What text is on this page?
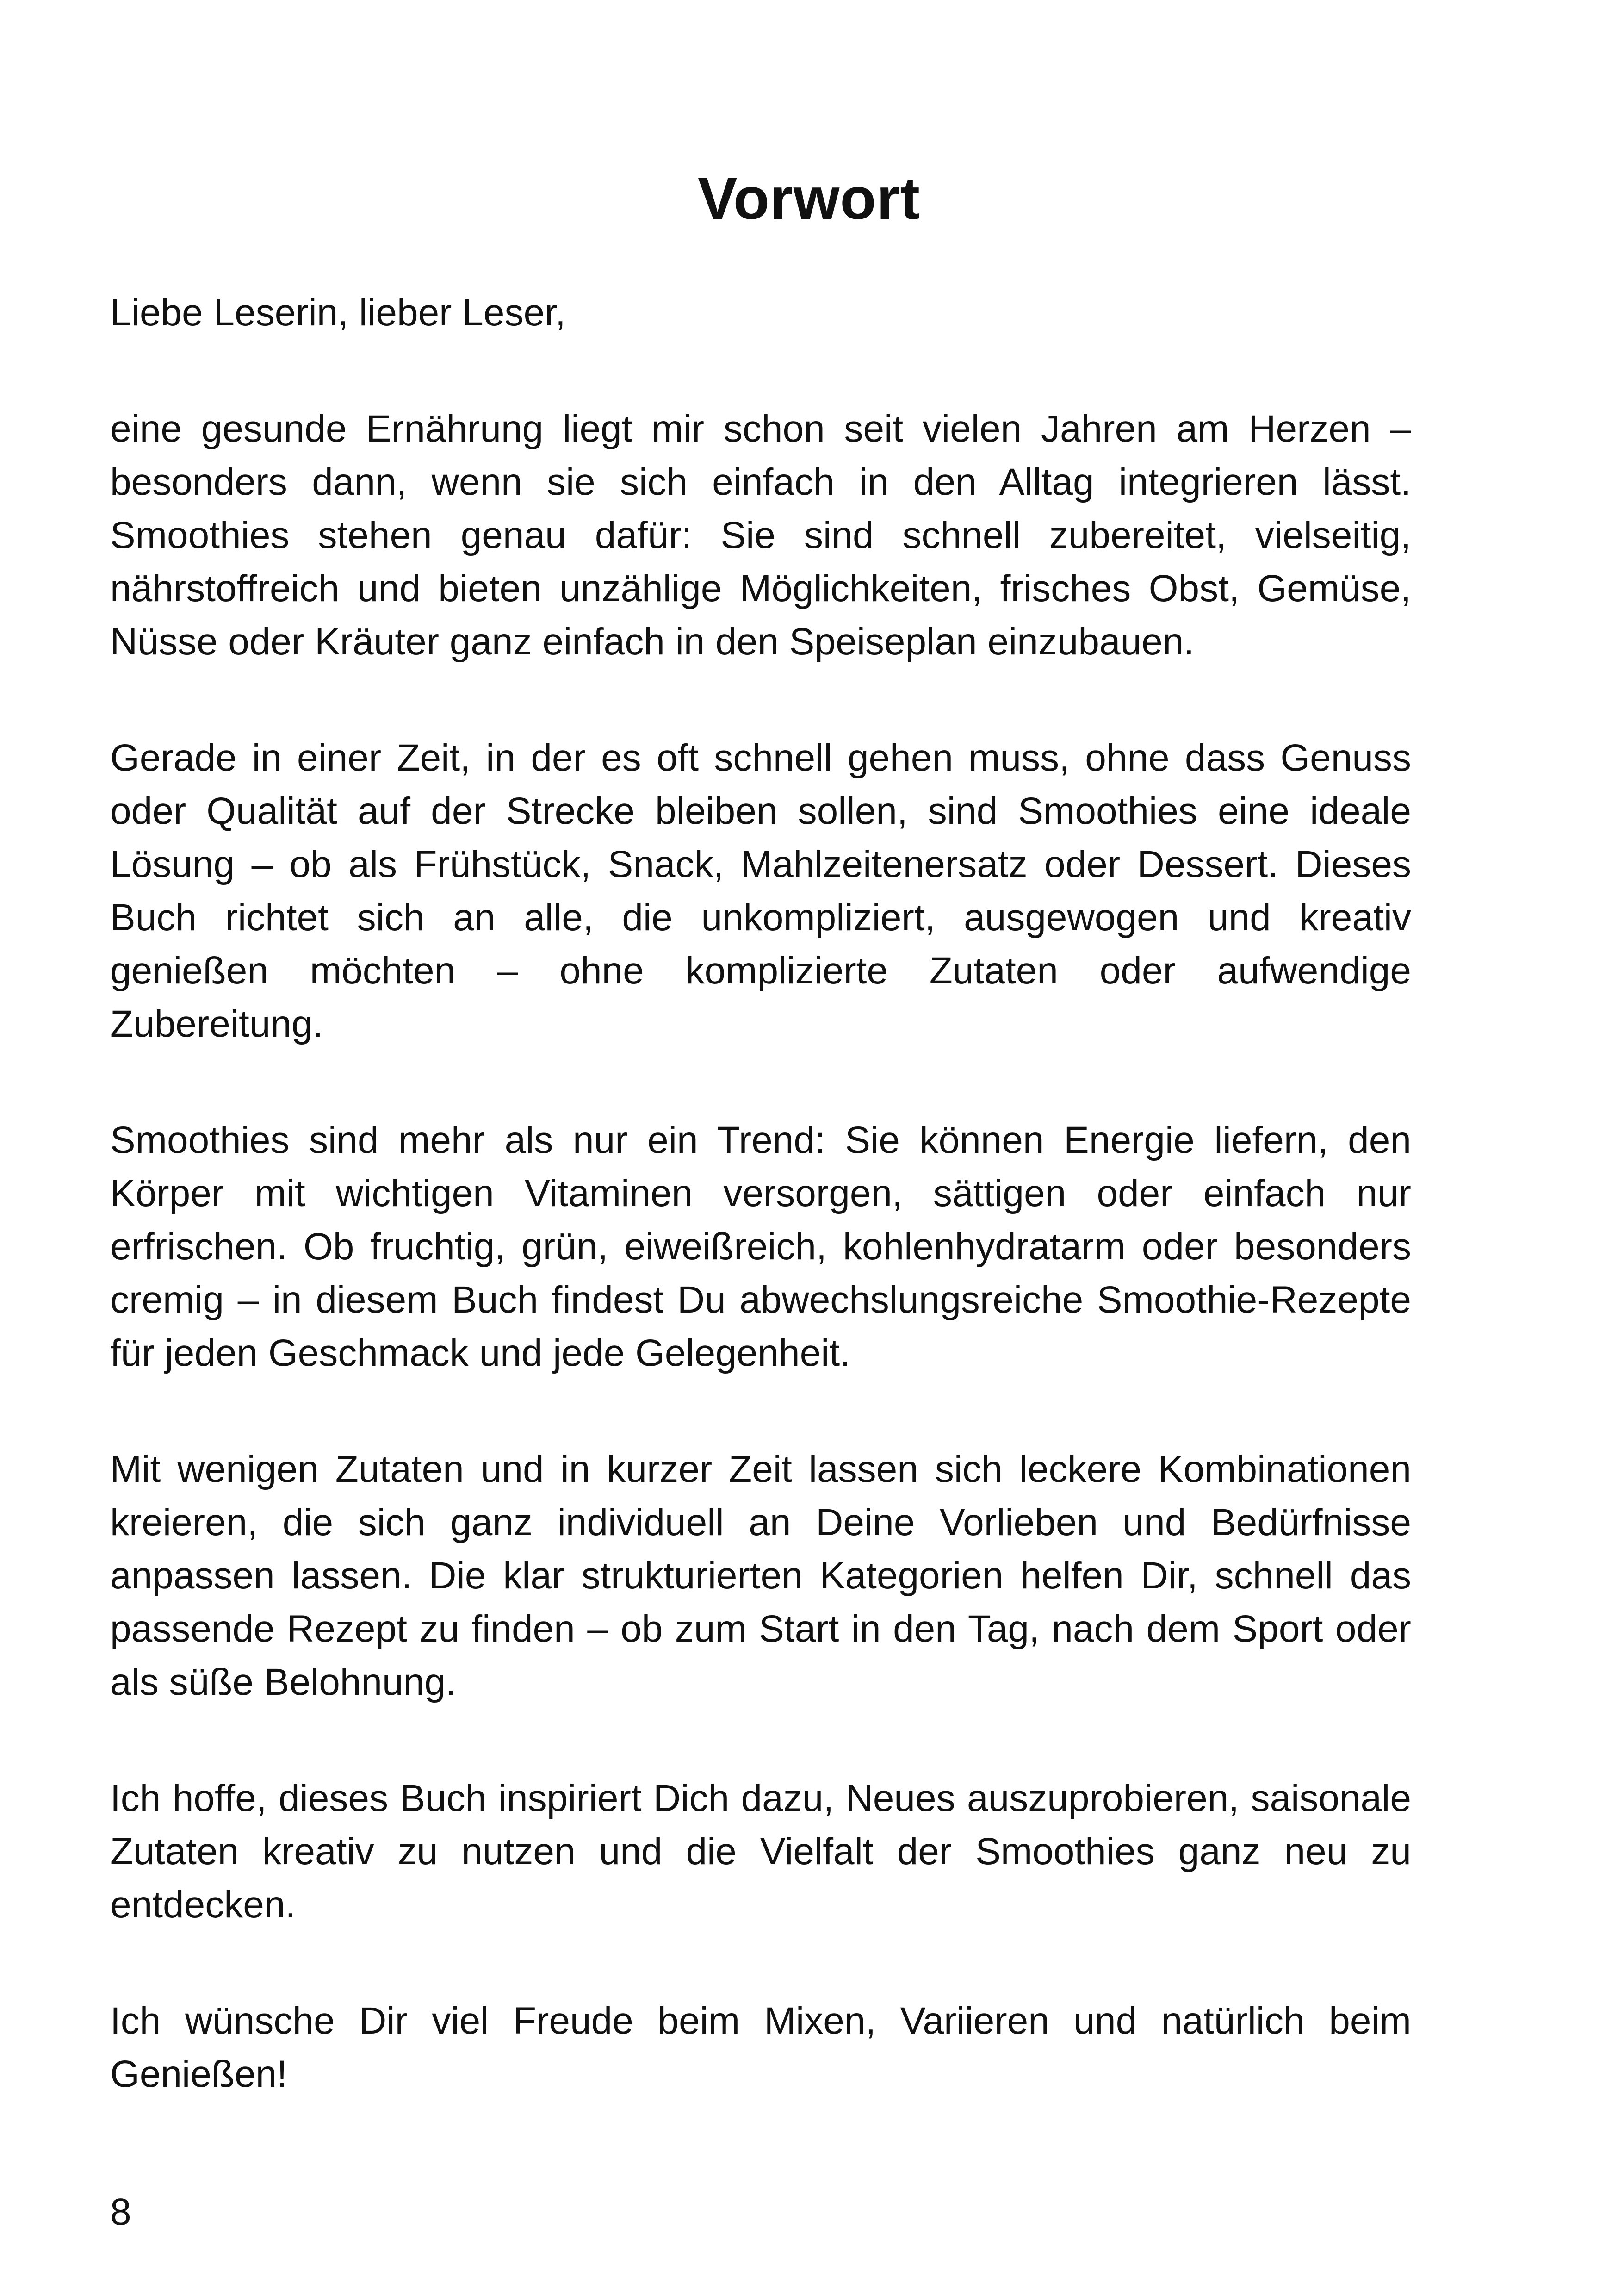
Vorwort

Liebe Leserin, lieber Leser,

eine gesunde Ernährung liegt mir schon seit vielen Jahren am Herzen – besonders dann, wenn sie sich einfach in den Alltag integrieren lässt. Smoothies stehen genau dafür: Sie sind schnell zubereitet, vielseitig, nährstoffreich und bieten unzählige Möglichkeiten, frisches Obst, Gemüse, Nüsse oder Kräuter ganz einfach in den Speiseplan einzubauen.

Gerade in einer Zeit, in der es oft schnell gehen muss, ohne dass Genuss oder Qualität auf der Strecke bleiben sollen, sind Smoothies eine ideale Lösung – ob als Frühstück, Snack, Mahlzeitenersatz oder Dessert. Dieses Buch richtet sich an alle, die unkompliziert, ausgewogen und kreativ genießen möchten – ohne komplizierte Zutaten oder aufwendige Zubereitung.

Smoothies sind mehr als nur ein Trend: Sie können Energie liefern, den Körper mit wichtigen Vitaminen versorgen, sättigen oder einfach nur erfrischen. Ob fruchtig, grün, eiweißreich, kohlenhydratarm oder besonders cremig – in diesem Buch findest Du abwechslungsreiche Smoothie-Rezepte für jeden Geschmack und jede Gelegenheit.

Mit wenigen Zutaten und in kurzer Zeit lassen sich leckere Kombinationen kreieren, die sich ganz individuell an Deine Vorlieben und Bedürfnisse anpassen lassen. Die klar strukturierten Kategorien helfen Dir, schnell das passende Rezept zu finden – ob zum Start in den Tag, nach dem Sport oder als süße Belohnung.

Ich hoffe, dieses Buch inspiriert Dich dazu, Neues auszuprobieren, saisonale Zutaten kreativ zu nutzen und die Vielfalt der Smoothies ganz neu zu entdecken.

Ich wünsche Dir viel Freude beim Mixen, Variieren und natürlich beim Genießen!

8
